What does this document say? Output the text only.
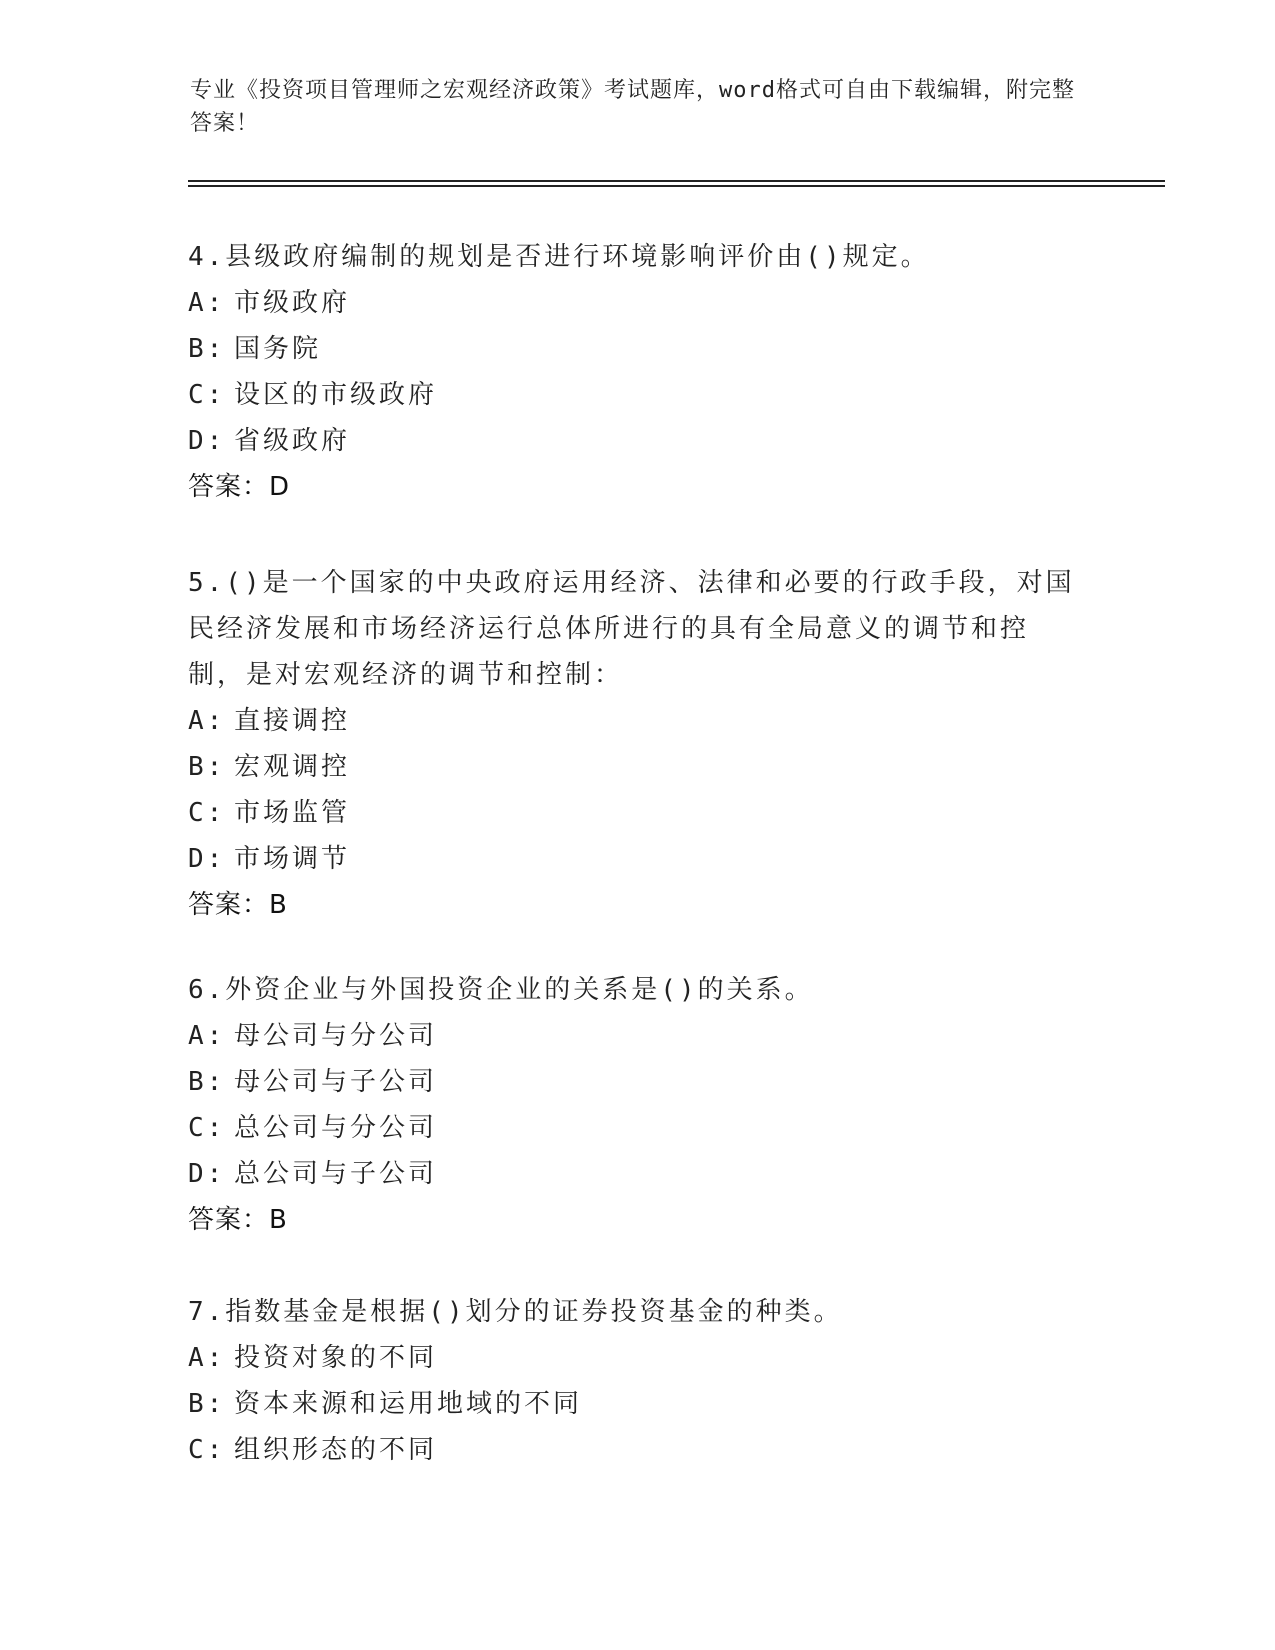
专业《投资项目管理师之宏观经济政策》考试题库，word格式可自由下载编辑，附完整答案！

4.县级政府编制的规划是否进行环境影响评价由()规定。

A: 市级政府

B: 国务院

C: 设区的市级政府

D: 省级政府

答案：D

5.()是一个国家的中央政府运用经济、法律和必要的行政手段，对国民经济发展和市场经济运行总体所进行的具有全局意义的调节和控制，是对宏观经济的调节和控制：

A: 直接调控

B: 宏观调控

C: 市场监管

D: 市场调节

答案：B

6.外资企业与外国投资企业的关系是()的关系。

A: 母公司与分公司

B: 母公司与子公司

C: 总公司与分公司

D: 总公司与子公司

答案：B

7.指数基金是根据()划分的证券投资基金的种类。

A: 投资对象的不同

B: 资本来源和运用地域的不同

C: 组织形态的不同
